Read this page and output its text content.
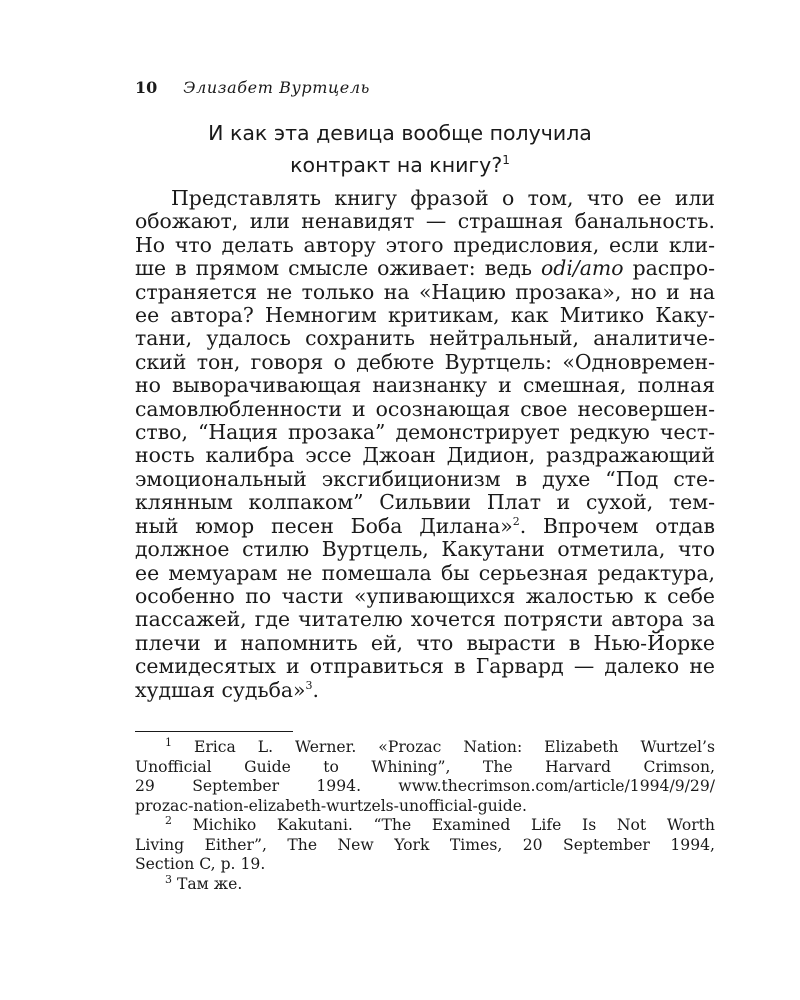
10 Элизабет Вуртцель
И как эта девица вообще получила
контракт на книгу?$^1$
Представлять книгу фразой о том, что ее или
обожают, или ненавидят — страшная банальность.
Но что делать автору этого предисловия, если кли-
ше в прямом смысле оживает: ведь odi/amo распро-
страняется не только на «Нацию прозака», но и на
ее автора? Немногим критикам, как Митико Каку-
тани, удалось сохранить нейтральный, аналитиче-
ский тон, говоря о дебюте Вуртцель: «Одновремен-
но выворачивающая наизнанку и смешная, полная
самовлюбленности и осознающая свое несовершен-
ство, “Нация прозака” демонстрирует редкую чест-
ность калибра эссе Джоан Дидион, раздражающий
эмоциональный эксгибиционизм в духе “Под сте-
клянным колпаком” Сильвии Плат и сухой, тем-
ный юмор песен Боба Дилана»$^2$. Впрочем отдав
должное стилю Вуртцель, Какутани отметила, что
ее мемуарам не помешала бы серьезная редактура,
особенно по части «упивающихся жалостью к себе
пассажей, где читателю хочется потрясти автора за
плечи и напомнить ей, что вырасти в Нью-Йорке
семидесятых и отправиться в Гарвард — далеко не
худшая судьба»$^3$.
$^1$ Erica L. Werner. «Prozac Nation: Elizabeth Wurtzel’s
Unofficial Guide to Whining”, The Harvard Crimson,
29 September 1994. www.thecrimson.com/article/1994/9/29/
prozac-nation-elizabeth-wurtzels-unofficial-guide.
$^2$ Michiko Kakutani. “The Examined Life Is Not Worth
Living Either”, The New York Times, 20 September 1994,
Section C, p. 19.
$^3$ Там же.
